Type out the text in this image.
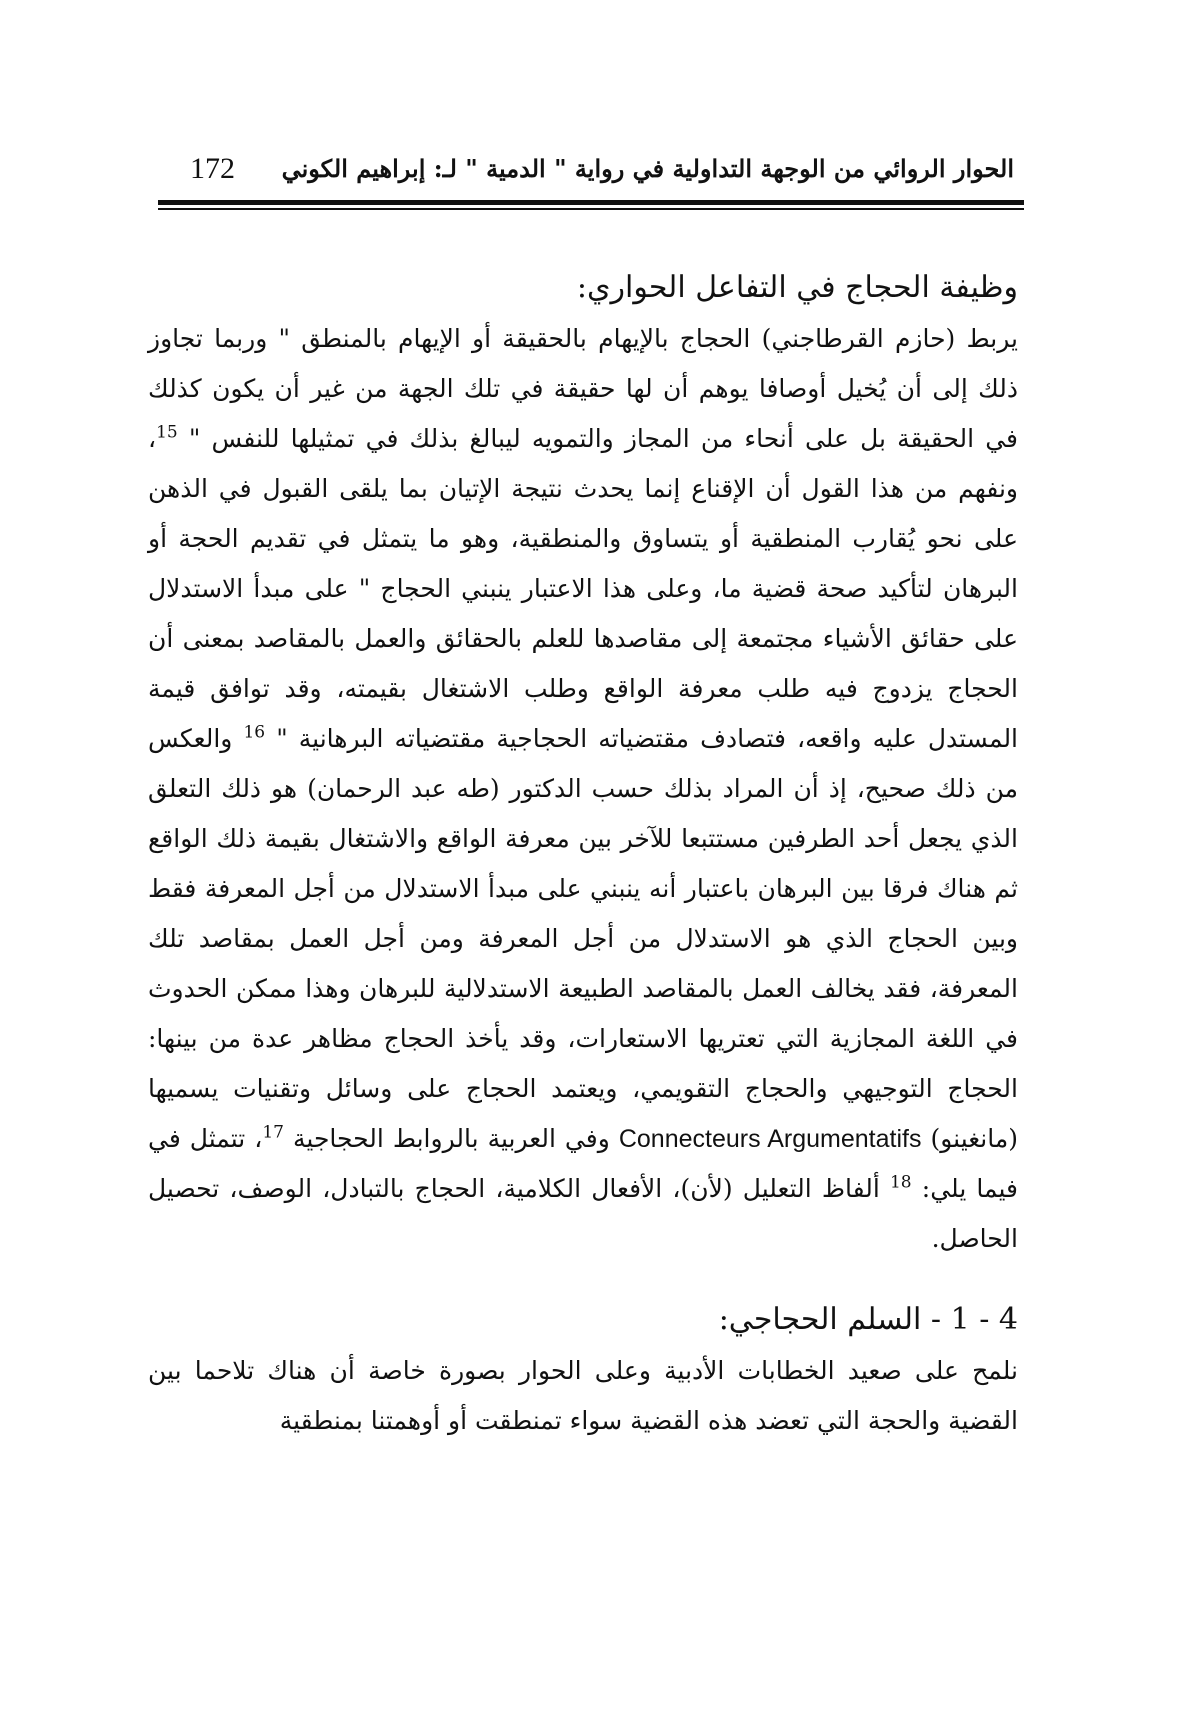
الحوار الروائي من الوجهة التداولية في رواية " الدمية " لـ: إبراهيم الكوني
172
وظيفة الحجاج في التفاعل الحواري:

يربط (حازم القرطاجني) الحجاج بالإيهام بالحقيقة أو الإيهام بالمنطق " وربما تجاوز ذلك إلى أن يُخيل أوصافا يوهم أن لها حقيقة في تلك الجهة من غير أن يكون كذلك في الحقيقة بل على أنحاء من المجاز والتمويه ليبالغ بذلك في تمثيلها للنفس " $^{15}$، ونفهم من هذا القول أن الإقناع إنما يحدث نتيجة الإتيان بما يلقى القبول في الذهن على نحو يُقارب المنطقية أو يتساوق والمنطقية، وهو ما يتمثل في تقديم الحجة أو البرهان لتأكيد صحة قضية ما، وعلى هذا الاعتبار ينبني الحجاج " على مبدأ الاستدلال على حقائق الأشياء مجتمعة إلى مقاصدها للعلم بالحقائق والعمل بالمقاصد بمعنى أن الحجاج يزدوج فيه طلب معرفة الواقع وطلب الاشتغال بقيمته، وقد توافق قيمة المستدل عليه واقعه، فتصادف مقتضياته الحجاجية مقتضياته البرهانية " $^{16}$ والعكس من ذلك صحيح، إذ أن المراد بذلك حسب الدكتور (طه عبد الرحمان) هو ذلك التعلق الذي يجعل أحد الطرفين مستتبعا للآخر بين معرفة الواقع والاشتغال بقيمة ذلك الواقع ثم هناك فرقا بين البرهان باعتبار أنه ينبني على مبدأ الاستدلال من أجل المعرفة فقط وبين الحجاج الذي هو الاستدلال من أجل المعرفة ومن أجل العمل بمقاصد تلك المعرفة، فقد يخالف العمل بالمقاصد الطبيعة الاستدلالية للبرهان وهذا ممكن الحدوث في اللغة المجازية التي تعتريها الاستعارات، وقد يأخذ الحجاج مظاهر عدة من بينها: الحجاج التوجيهي والحجاج التقويمي، ويعتمد الحجاج على وسائل وتقنيات يسميها (مانغينو) Connecteurs Argumentatifs وفي العربية بالروابط الحجاجية $^{17}$، تتمثل في فيما يلي: $^{18}$ ألفاظ التعليل (لأن)، الأفعال الكلامية، الحجاج بالتبادل، الوصف، تحصيل الحاصل.

4 - 1 - السلم الحجاجي:

نلمح على صعيد الخطابات الأدبية وعلى الحوار بصورة خاصة أن هناك تلاحما بين القضية والحجة التي تعضد هذه القضية سواء تمنطقت أو أوهمتنا بمنطقية
